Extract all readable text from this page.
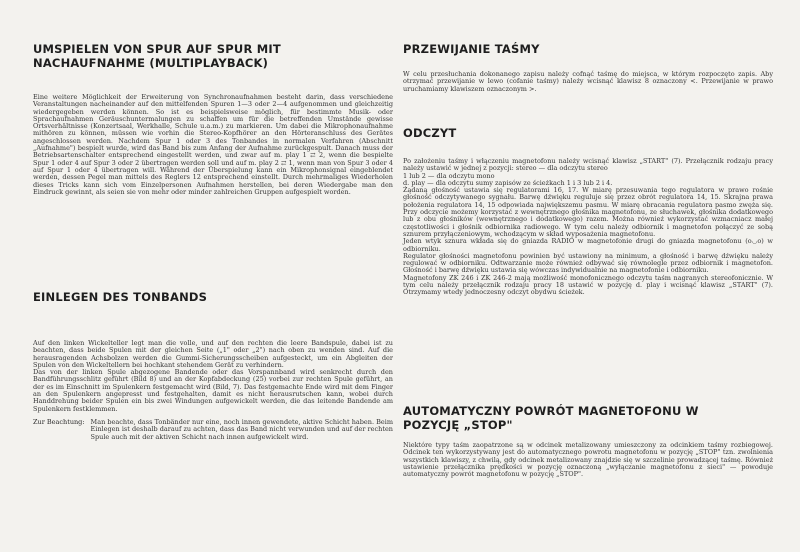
UMSPIELEN VON SPUR AUF SPUR MIT NACHAUFNAHME (MULTIPLAYBACK)

Eine weitere Möglichkeit der Erweiterung von Synchronaufnahmen besteht darin, dass verschiedene Veranstaltungen nacheinander auf den mittelfenden Spuren 1—3 oder 2—4 aufgenommen und gleichzeitig wiedergegeben werden können. So ist es beispielsweise möglich, für bestimmte Musik- oder Sprachaufnahmen Geräuschuntermalungen zu schaffen um für die betreffenden Umstände gewisse Ortsverhältnisse (Konzertsaal, Werkhalle, Schule u.a.m.) zu markieren. Um dabei die Mikrophonaufnahme mithören zu können, müssen wie vorhin die Stereo-Kopfhörer an den Hörteranschluss des Gerätes angeschlossen werden. Nachdem Spur 1 oder 3 des Tonbandes in normalen Verfahren (Abschnitt „Aufnahme") bespielt wurde, wird das Band bis zum Anfang der Aufnahme zurückgespult. Danach muss der Betriebsartenschalter entsprechend eingestellt werden, und zwar auf m. play 1 ⇄ 2, wenn die bespielte Spur 1 oder 4 auf Spur 3 oder 2 übertragen werden soll und auf m. play 2 ⇄ 1, wenn man von Spur 3 oder 4 auf Spur 1 oder 4 übertragen will. Während der Überspielung kann ein Mikrophonsignal eingeblendet werden, dessen Pegel man mittels des Reglers 12 entsprechend einstellt. Durch mehrmaliges Wiederholen dieses Tricks kann sich vom Einzelpersonen Aufnahmen herstellen, bei deren Wiedergabe man den Eindruck gewinnt, als seien sie von mehr oder minder zahlreichen Gruppen aufgespielt worden.

EINLEGEN DES TONBANDS

Auf den linken Wickelteller legt man die volle, und auf den rechten die leere Bandspule, dabei ist zu beachten, dass beide Spulen mit der gleichen Seite („1" oder „2") nach oben zu wenden sind. Auf die herausragenden Achsbolzen werden die Gummi-Sicherungsscheiben aufgesteckt, um ein Abgleiten der Spulen von den Wickeltellern bei hochkant stehendem Gerät zu verhindern.

Das von der linken Spule abgezogene Bandende oder das Vorspannband wird senkrecht durch den Bandführungsschlitz geführt (Bild 8) und an der Kopfabdeckung (25) vorbei zur rechten Spule geführt, an der es im Einschnitt im Spulenkern festgemacht wird (Bild, 7). Das festgemachte Ende wird mit dem Finger an den Spulenkern angepresst und festgehalten, damit es nicht herausrutschen kann, wobei durch Handdrehung beider Spulen ein bis zwei Windungen aufgewickelt werden, die das leitende Bandende am Spulenkern festklemmen.

Zur Beachtung: Man beachte, dass Tonbänder nur eine, noch innen gewendete, aktive Schicht haben. Beim Einlegen ist deshalb darauf zu achten, dass das Band nicht verwunden und auf der rechten Spule auch mit der aktiven Schicht nach innen aufgewickelt wird.

PRZEWIJANIE TAŚMY

W celu przesłuchania dokonanego zapisu należy cofnąć taśmę do miejsca, w którym rozpoczęto zapis. Aby otrzymać przewijanie w lewo (cofanie taśmy) należy wcisnąć klawisz 8 oznaczony <. Przewijanie w prawo uruchamiamy klawiszem oznaczonym >.

ODCZYT

Po założeniu taśmy i włączeniu magnetofonu należy wcisnąć klawisz „START" (7). Przełącznik rodzaju pracy należy ustawić w jednej z pozycji: stereo — dla odczytu stereo

1 lub 2 — dla odczytu mono

d. play — dla odczytu sumy zapisów ze ścieżkach 1 i 3 lub 2 i 4.

Żądaną głośność ustawia się regulatorami 16, 17. W miarę przesuwania tego regulatora w prawo rośnie głośność odczytywanego sygnału. Barwę dźwięku reguluje się przez obrót regulatora 14, 15. Skrajna prawa położenia regulatora 14, 15 odpowiada największemu pasmu. W miarę obracania regulatora pasmo zwęża się. Przy odczycie możemy korzystać z wewnętrznego głośnika magnetofonu, ze słuchawek, głośnika dodatkowego lub z obu głośników (wewnętrznego i dodatkowego) razem. Można również wykorzystać wzmacniacz małej częstotliwości i głośnik odbiornika radiowego. W tym celu należy odbiornik i magnetofon połączyć ze sobą sznurem przyłączeniowym, wchodzącym w skład wyposażenia magnetofonu.

Jeden wtyk sznura wkłada się do gniazda RADIO w magnetofonie drugi do gniazda magnetofonu (o◡o) w odbiorniku.

Regulator głośności magnetofonu powinien być ustawiony na minimum, a głośność i barwę dźwięku należy regulować w odbiorniku. Odtwarzanie może również odbywać się równolegle przez odbiornik i magnetofon. Głośność i barwę dźwięku ustawia się wówczas indywidualnie na magnetofonie i odbiorniku.

Magnetofony ZK 246 i ZK 246-2 mają możliwość monofonicznego odczytu taśm nagranych stereofonicznie. W tym celu należy przełącznik rodzaju pracy 18 ustawić w pozycję d. play i wcisnąć klawisz „START" (7). Otrzymamy wtedy jednoczesny odczyt obydwu ścieżek.

AUTOMATYCZNY POWRÓT MAGNETOFONU W POZYCJĘ „STOP"

Niektóre typy taśm zaopatrzone są w odcinek metalizowany umieszczony za odcinkiem taśmy rozbiegowej. Odcinek ten wykorzystywany jest do automatycznego powrotu magnetofonu w pozycję „STOP" tzn. zwolnienia wszystkich klawiszy, z chwilą, gdy odcinek metalizowany znajdzie się w szczelinie prowadzącej taśmę. Również ustawienie przełącznika prędkości w pozycję oznaczoną „wyłączanie magnetofonu z sieci" — powoduje automatyczny powrót magnetofonu w pozycję „STOP".
